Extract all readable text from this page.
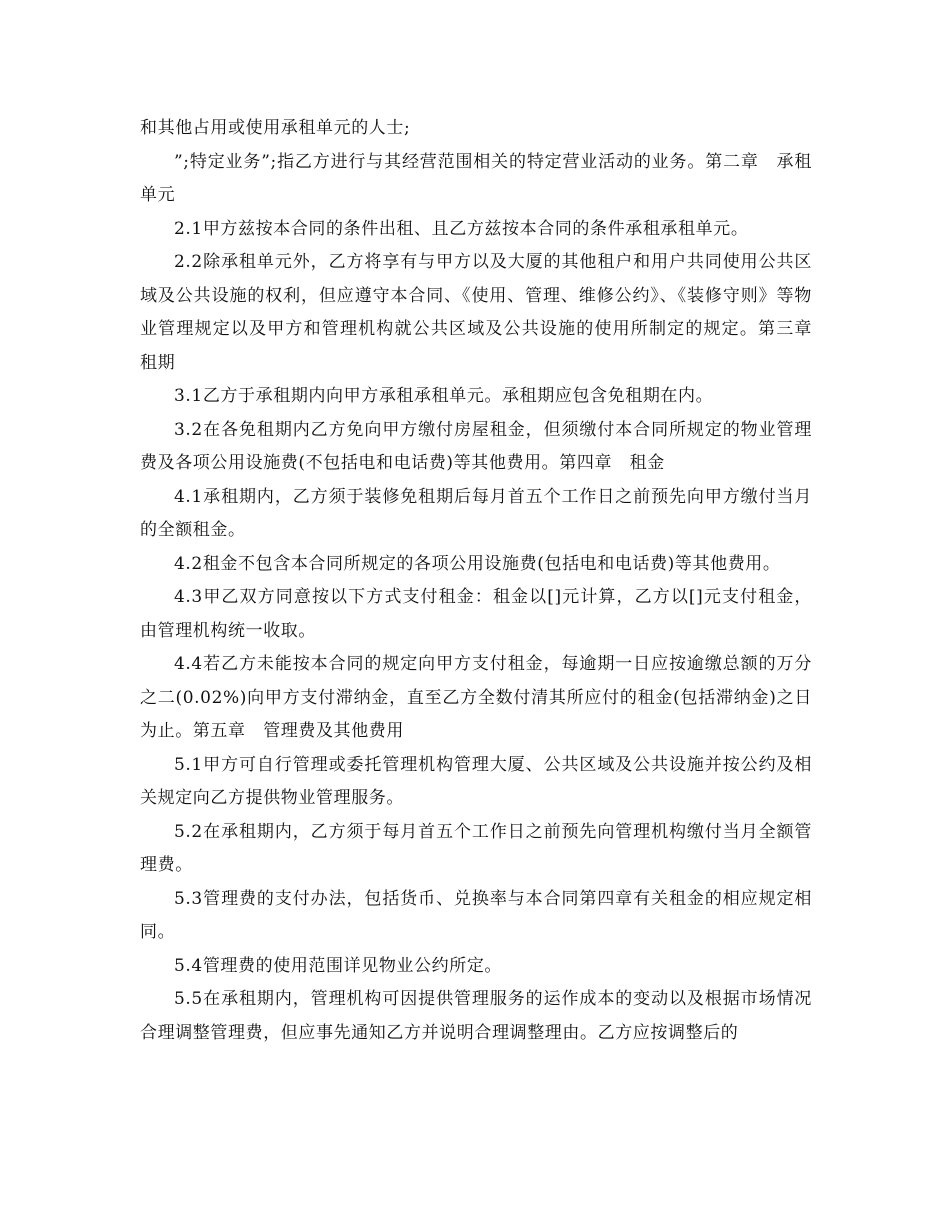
和其他占用或使用承租单元的人士;

”;特定业务”;指乙方进行与其经营范围相关的特定营业活动的业务。第二章　承租单元

2.1甲方兹按本合同的条件出租、且乙方兹按本合同的条件承租承租单元。

2.2除承租单元外，乙方将享有与甲方以及大厦的其他租户和用户共同使用公共区域及公共设施的权利，但应遵守本合同、《使用、管理、维修公约》、《装修守则》等物业管理规定以及甲方和管理机构就公共区域及公共设施的使用所制定的规定。第三章　租期

3.1乙方于承租期内向甲方承租承租单元。承租期应包含免租期在内。

3.2在各免租期内乙方免向甲方缴付房屋租金，但须缴付本合同所规定的物业管理费及各项公用设施费(不包括电和电话费)等其他费用。第四章　租金

4.1承租期内，乙方须于装修免租期后每月首五个工作日之前预先向甲方缴付当月的全额租金。

4.2租金不包含本合同所规定的各项公用设施费(包括电和电话费)等其他费用。

4.3甲乙双方同意按以下方式支付租金：租金以[]元计算，乙方以[]元支付租金，由管理机构统一收取。

4.4若乙方未能按本合同的规定向甲方支付租金，每逾期一日应按逾缴总额的万分之二(0.02%)向甲方支付滞纳金，直至乙方全数付清其所应付的租金(包括滞纳金)之日为止。第五章　管理费及其他费用

5.1甲方可自行管理或委托管理机构管理大厦、公共区域及公共设施并按公约及相关规定向乙方提供物业管理服务。

5.2在承租期内，乙方须于每月首五个工作日之前预先向管理机构缴付当月全额管理费。

5.3管理费的支付办法，包括货币、兑换率与本合同第四章有关租金的相应规定相同。

5.4管理费的使用范围详见物业公约所定。

5.5在承租期内，管理机构可因提供管理服务的运作成本的变动以及根据市场情况合理调整管理费，但应事先通知乙方并说明合理调整理由。乙方应按调整后的
